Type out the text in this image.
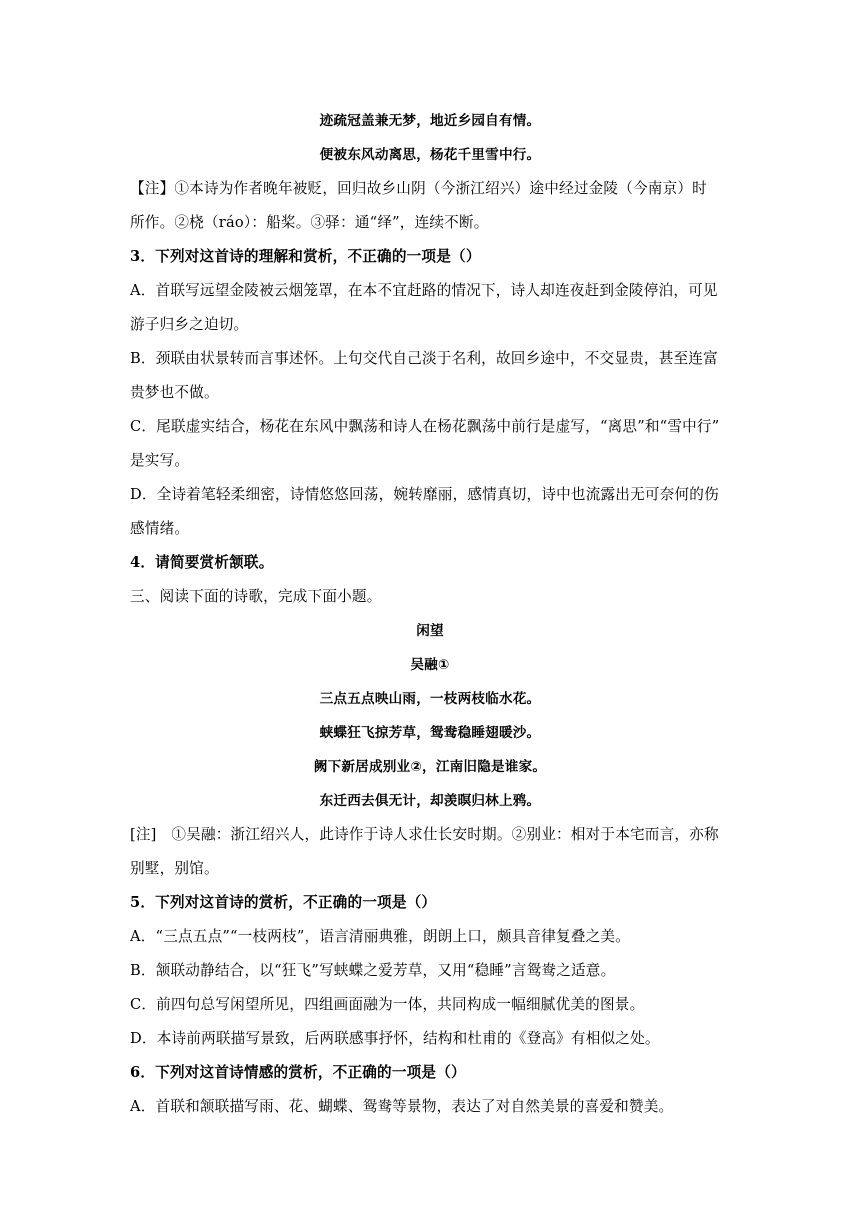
迹疏冠盖兼无梦，地近乡园自有情。
便被东风动离思，杨花千里雪中行。
【注】①本诗为作者晚年被贬，回归故乡山阴（今浙江绍兴）途中经过金陵（今南京）时
所作。②桡（ráo）：船桨。③驿：通“绎”，连续不断。
3．下列对这首诗的理解和赏析，不正确的一项是（）
A．首联写远望金陵被云烟笼罩，在本不宜赶路的情况下，诗人却连夜赶到金陵停泊，可见
游子归乡之迫切。
B．颈联由状景转而言事述怀。上句交代自己淡于名利，故回乡途中，不交显贵，甚至连富
贵梦也不做。
C．尾联虚实结合，杨花在东风中飘荡和诗人在杨花飘荡中前行是虚写，“离思”和“雪中行”
是实写。
D．全诗着笔轻柔细密，诗情悠悠回荡，婉转靡丽，感情真切，诗中也流露出无可奈何的伤
感情绪。
4．请简要赏析颔联。
三、阅读下面的诗歌，完成下面小题。
闲望
吴融①
三点五点映山雨，一枝两枝临水花。
蛱蝶狂飞掠芳草，鸳鸯稳睡翅暖沙。
阙下新居成别业②，江南旧隐是谁家。
东迁西去俱无计，却羡暝归林上鸦。
[注]　①吴融：浙江绍兴人，此诗作于诗人求仕长安时期。②别业：相对于本宅而言，亦称
别墅，别馆。
5．下列对这首诗的赏析，不正确的一项是（）
A．“三点五点”“一枝两枝”，语言清丽典雅，朗朗上口，颇具音律复叠之美。
B．颔联动静结合，以“狂飞”写蛱蝶之爱芳草，又用“稳睡”言鸳鸯之适意。
C．前四句总写闲望所见，四组画面融为一体，共同构成一幅细腻优美的图景。
D．本诗前两联描写景致，后两联感事抒怀，结构和杜甫的《登高》有相似之处。
6．下列对这首诗情感的赏析，不正确的一项是（）
A．首联和颔联描写雨、花、蝴蝶、鸳鸯等景物，表达了对自然美景的喜爱和赞美。
